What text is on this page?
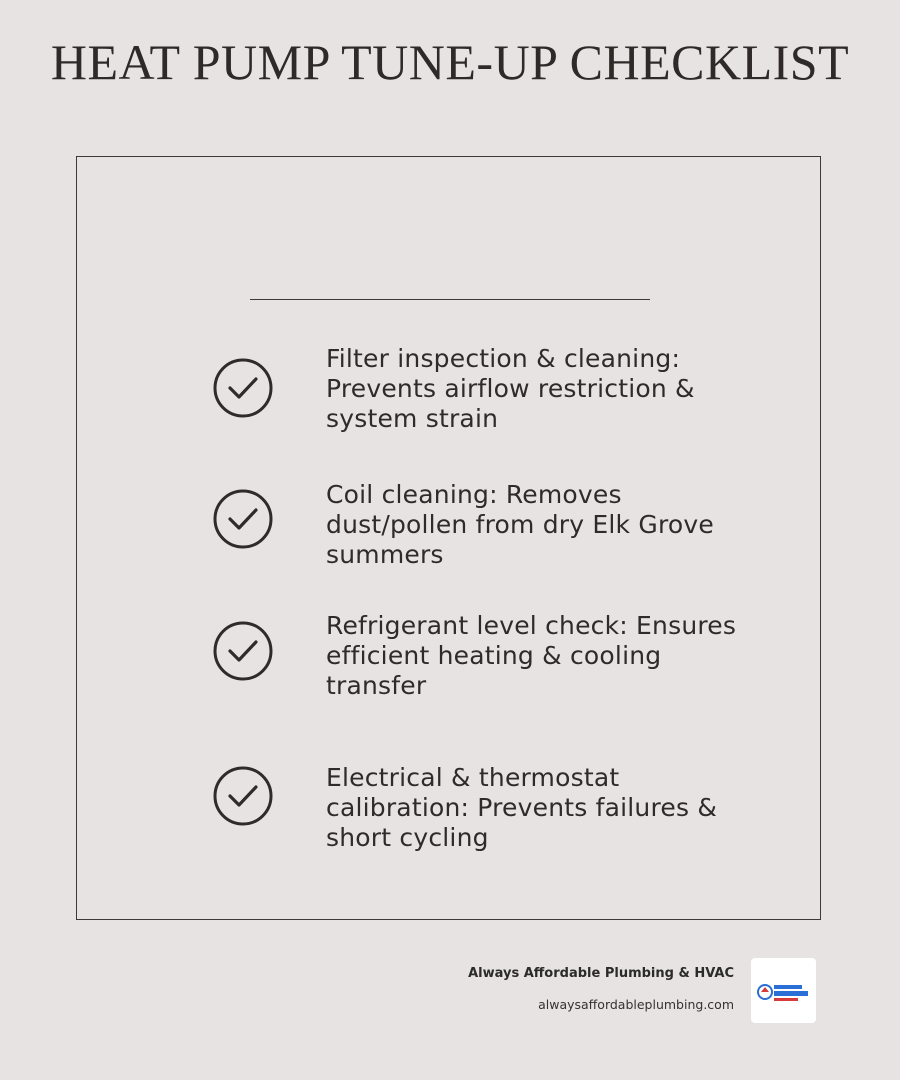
HEAT PUMP TUNE-UP CHECKLIST
Filter inspection & cleaning: Prevents airflow restriction & system strain
Coil cleaning: Removes dust/pollen from dry Elk Grove summers
Refrigerant level check: Ensures efficient heating & cooling transfer
Electrical & thermostat calibration: Prevents failures & short cycling
Always Affordable Plumbing & HVAC
alwaysaffordableplumbing.com
